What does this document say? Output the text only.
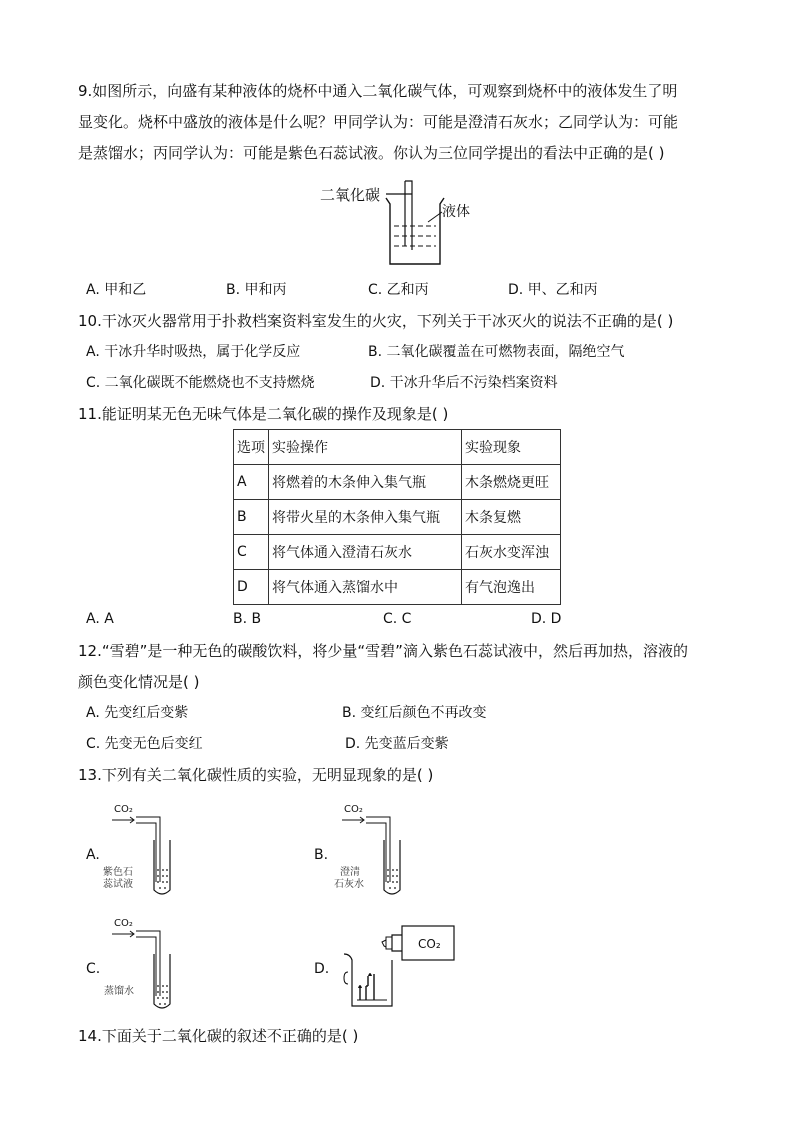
9.如图所示，向盛有某种液体的烧杯中通入二氧化碳气体，可观察到烧杯中的液体发生了明
显变化。烧杯中盛放的液体是什么呢？甲同学认为：可能是澄清石灰水；乙同学认为：可能
是蒸馏水；丙同学认为：可能是紫色石蕊试液。你认为三位同学提出的看法中正确的是( )
二氧化碳
液体
A. 甲和乙	B. 甲和丙	C. 乙和丙	D. 甲、乙和丙
10.干冰灭火器常用于扑救档案资料室发生的火灾，下列关于干冰灭火的说法不正确的是( )
A. 干冰升华时吸热，属于化学反应	B. 二氧化碳覆盖在可燃物表面，隔绝空气
C. 二氧化碳既不能燃烧也不支持燃烧	D. 干冰升华后不污染档案资料
11.能证明某无色无味气体是二氧化碳的操作及现象是( )
选项	实验操作	实验现象
A	将燃着的木条伸入集气瓶	木条燃烧更旺
B	将带火星的木条伸入集气瓶	木条复燃
C	将气体通入澄清石灰水	石灰水变浑浊
D	将气体通入蒸馏水中	有气泡逸出
A. A	B. B	C. C	D. D
12.“雪碧”是一种无色的碳酸饮料，将少量“雪碧”滴入紫色石蕊试液中，然后再加热，溶液的
颜色变化情况是( )
A. 先变红后变紫	B. 变红后颜色不再改变
C. 先变无色后变红	D. 先变蓝后变紫
13.下列有关二氧化碳性质的实验，无明显现象的是( )
A.
CO₂
紫色石
蕊试液
B.
CO₂
澄清
石灰水
C.
CO₂
蒸馏水
D.
CO₂
14.下面关于二氧化碳的叙述不正确的是( )
